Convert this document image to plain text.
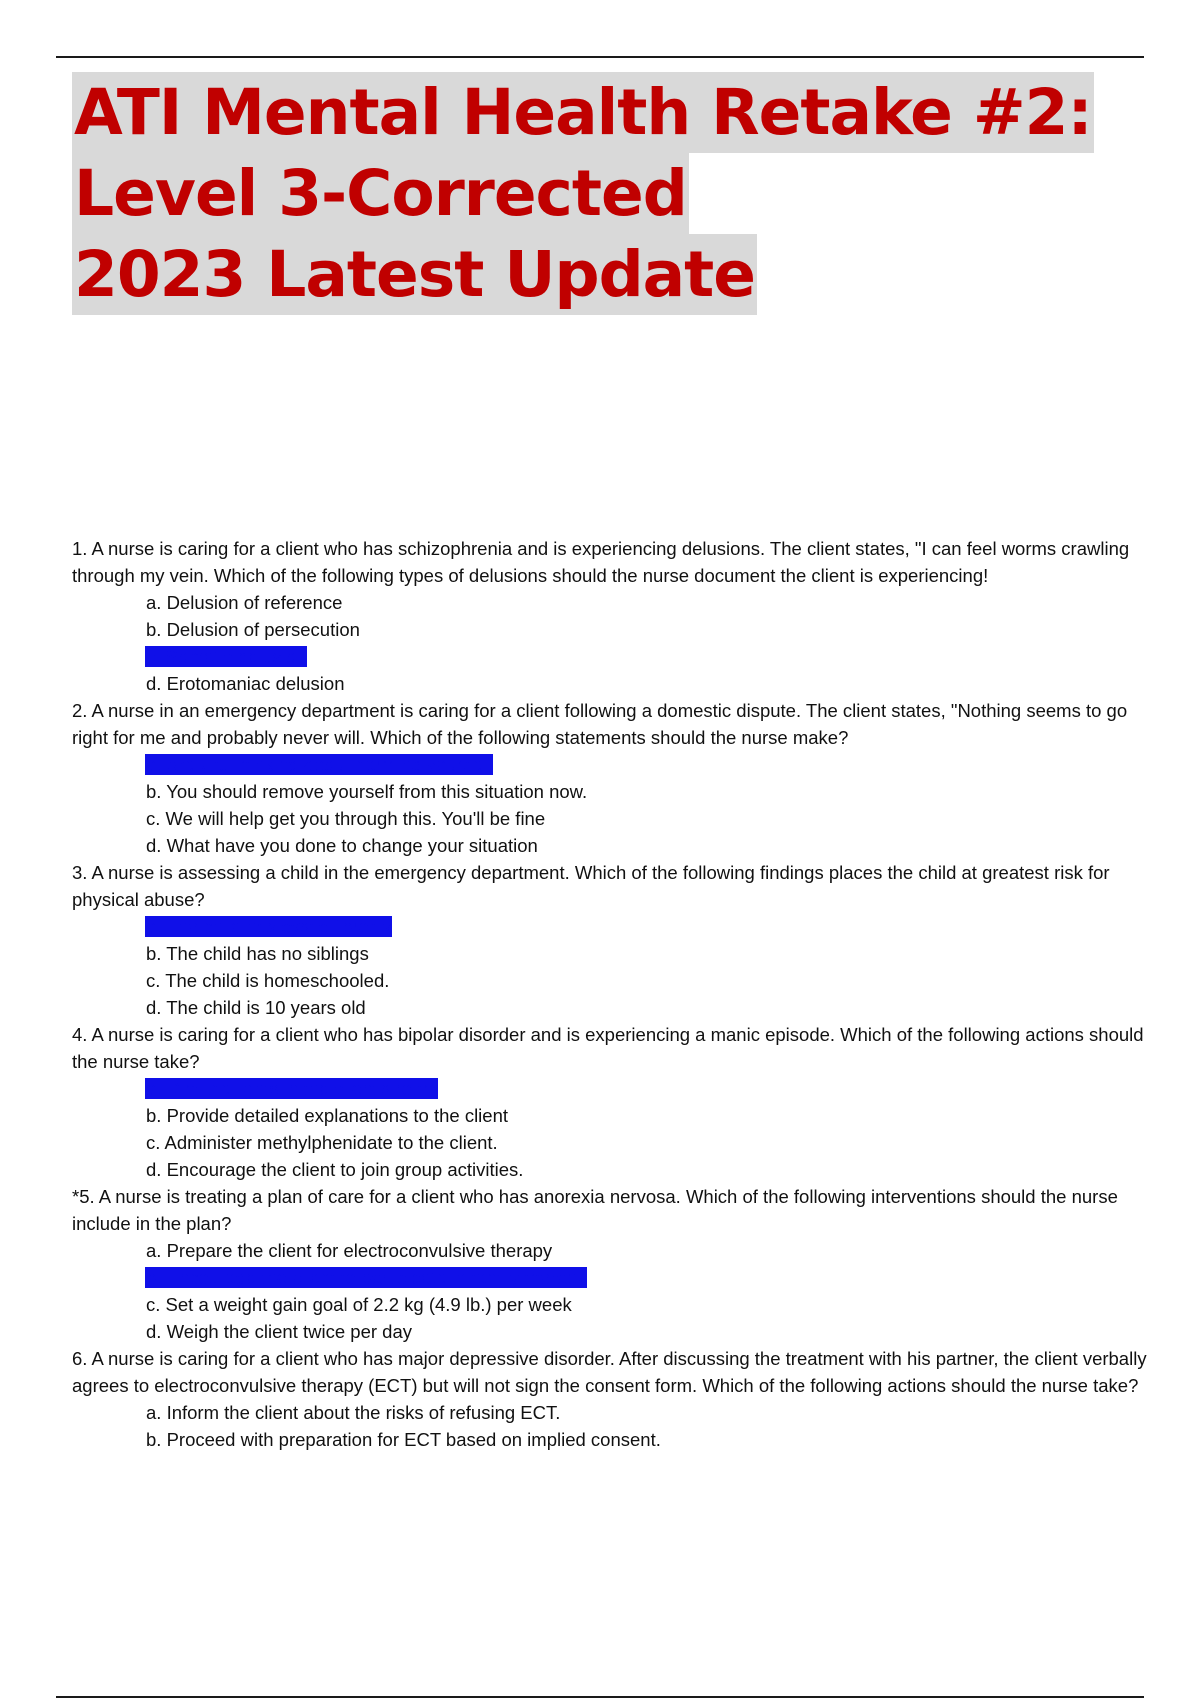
ATI Mental Health Retake #2:
Level 3-Corrected
2023 Latest Update

1. A nurse is caring for a client who has schizophrenia and is experiencing delusions. The client states, "I can feel worms crawling through my vein. Which of the following types of delusions should the nurse document the client is experiencing!

a. Delusion of reference
b. Delusion of persecution
c. Somatic delusion
d. Erotomaniac delusion

2. A nurse in an emergency department is caring for a client following a domestic dispute. The client states, "Nothing seems to go right for me and probably never will. Which of the following statements should the nurse make?

a. Are you thinking about harming yourself
b. You should remove yourself from this situation now.
c. We will help get you through this. You'll be fine
d. What have you done to change your situation

3. A nurse is assessing a child in the emergency department. Which of the following findings places the child at greatest risk for physical abuse?

a. The child has cystic fibrosis
b. The child has no siblings
c. The child is homeschooled.
d. The child is 10 years old

4. A nurse is caring for a client who has bipolar disorder and is experiencing a manic episode. Which of the following actions should the nurse take?

a. Dim the lights in the client's room
b. Provide detailed explanations to the client
c. Administer methylphenidate to the client.
d. Encourage the client to join group activities.

*5. A nurse is treating a plan of care for a client who has anorexia nervosa. Which of the following interventions should the nurse include in the plan?

a. Prepare the client for electroconvulsive therapy
b. Encourage the client to participate in family therapy
c. Set a weight gain goal of 2.2 kg (4.9 lb.) per week
d. Weigh the client twice per day

6. A nurse is caring for a client who has major depressive disorder. After discussing the treatment with his partner, the client verbally agrees to electroconvulsive therapy (ECT) but will not sign the consent form. Which of the following actions should the nurse take?

a. Inform the client about the risks of refusing ECT.
b. Proceed with preparation for ECT based on implied consent.
